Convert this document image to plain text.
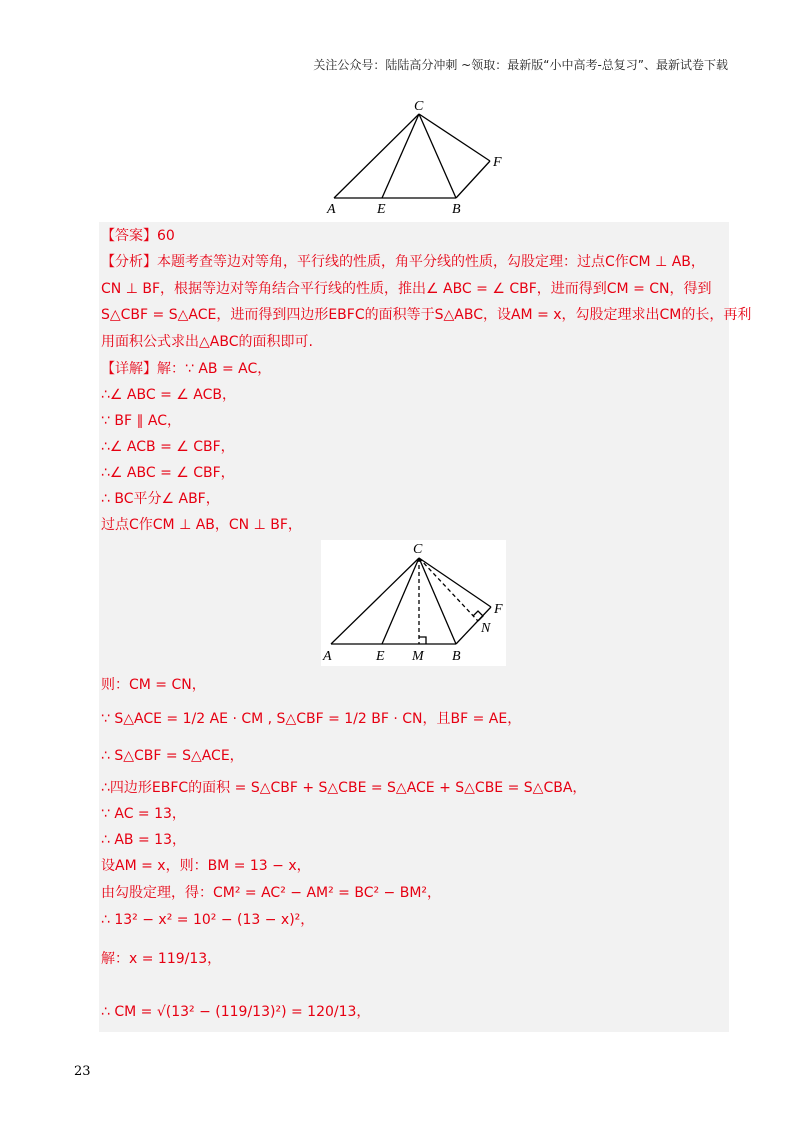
关注公众号：陆陆高分冲刺 ~领取：最新版“小中高考-总复习”、最新试卷下载
C
F
A	E	B
【答案】60
【分析】本题考查等边对等角，平行线的性质，角平分线的性质，勾股定理：过点C作CM ⊥ AB，
CN ⊥ BF，根据等边对等角结合平行线的性质，推出∠ ABC = ∠ CBF，进而得到CM = CN，得到
S△CBF = S△ACE，进而得到四边形EBFC的面积等于S△ABC，设AM = x，勾股定理求出CM的长，再利
用面积公式求出△ABC的面积即可.
【详解】解：∵ AB = AC，
∴∠ ABC = ∠ ACB，
∵ BF ∥ AC，
∴∠ ACB = ∠ CBF，
∴∠ ABC = ∠ CBF，
∴ BC平分∠ ABF，
过点C作CM ⊥ AB，CN ⊥ BF，
C
F
N
A	E M B
则：CM = CN，
∵ S△ACE = 1/2 AE · CM , S△CBF = 1/2 BF · CN，且BF = AE，
∴ S△CBF = S△ACE，
∴四边形EBFC的面积 = S△CBF + S△CBE = S△ACE + S△CBE = S△CBA，
∵ AC = 13，
∴ AB = 13，
设AM = x，则：BM = 13 − x，
由勾股定理，得：CM² = AC² − AM² = BC² − BM²，
∴ 13² − x² = 10² − (13 − x)²，
解：x = 119/13，
∴ CM = √(13² − (119/13)²) = 120/13，
23
